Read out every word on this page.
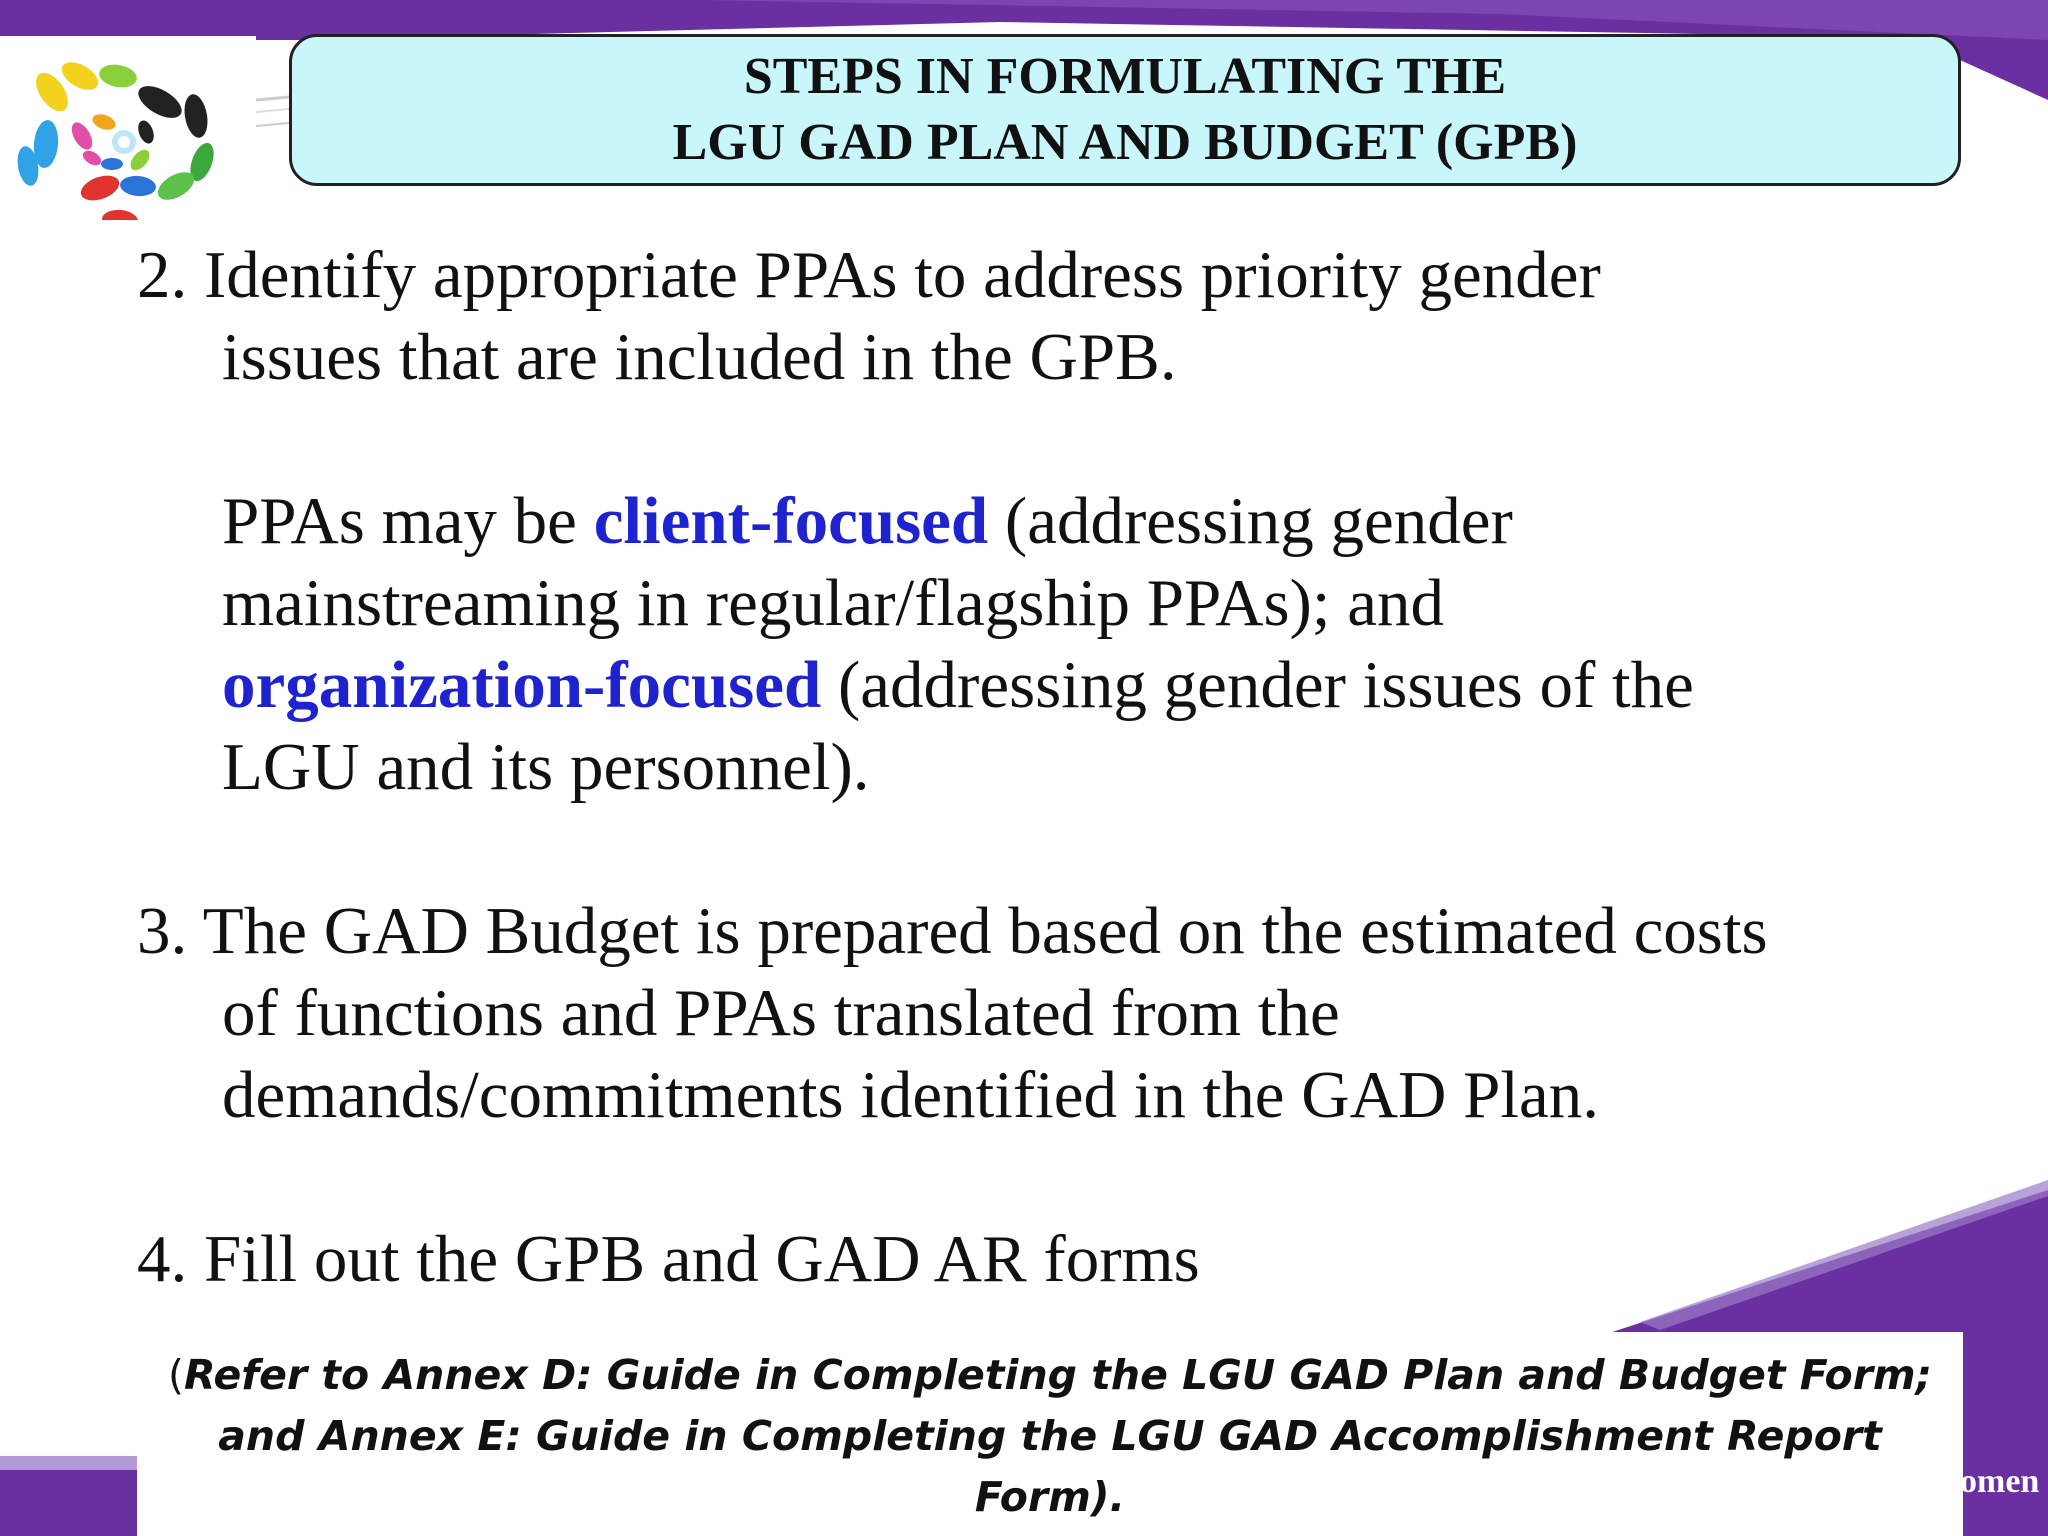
STEPS IN FORMULATING THE
LGU GAD PLAN AND BUDGET (GPB)
2. Identify appropriate PPAs to address priority gender
issues that are included in the GPB.
PPAs may be client-focused (addressing gender
mainstreaming in regular/flagship PPAs); and
organization-focused (addressing gender issues of the
LGU and its personnel).
3. The GAD Budget is prepared based on the estimated costs
of functions and PPAs translated from the
demands/commitments identified in the GAD Plan.
4. Fill out the GPB and GAD AR forms
(Refer to Annex D: Guide in Completing the LGU GAD Plan and Budget Form;
and Annex E: Guide in Completing the LGU GAD Accomplishment Report
Form).	omen
